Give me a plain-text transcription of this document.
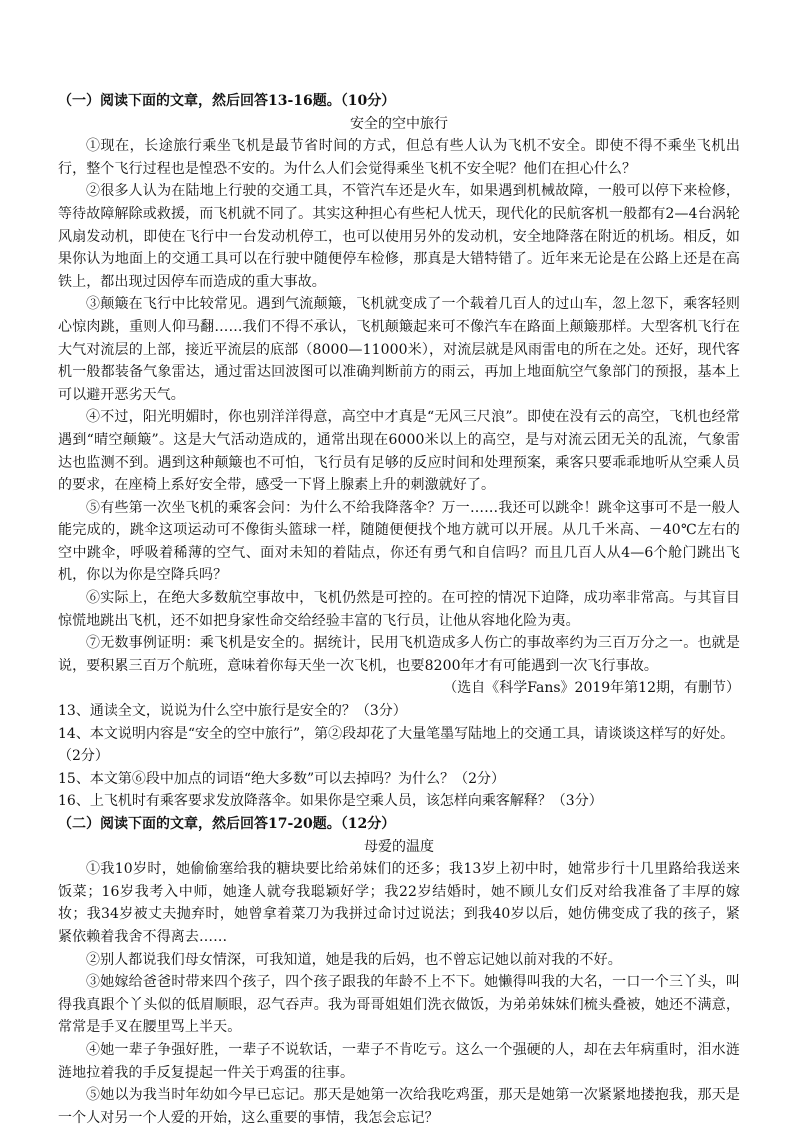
（一）阅读下面的文章，然后回答13-16题。（10分）
安全的空中旅行

①现在，长途旅行乘坐飞机是最节省时间的方式，但总有些人认为飞机不安全。即使不得不乘坐飞机出行，整个飞行过程也是惶恐不安的。为什么人们会觉得乘坐飞机不安全呢？他们在担心什么？

②很多人认为在陆地上行驶的交通工具，不管汽车还是火车，如果遇到机械故障，一般可以停下来检修，等待故障解除或救援，而飞机就不同了。其实这种担心有些杞人忧天，现代化的民航客机一般都有2—4台涡轮风扇发动机，即使在飞行中一台发动机停工，也可以使用另外的发动机，安全地降落在附近的机场。相反，如果你认为地面上的交通工具可以在行驶中随便停车检修，那真是大错特错了。近年来无论是在公路上还是在高铁上，都出现过因停车而造成的重大事故。

③颠簸在飞行中比较常见。遇到气流颠簸，飞机就变成了一个载着几百人的过山车，忽上忽下，乘客轻则心惊肉跳，重则人仰马翻……我们不得不承认，飞机颠簸起来可不像汽车在路面上颠簸那样。大型客机飞行在大气对流层的上部，接近平流层的底部（8000—11000米），对流层就是风雨雷电的所在之处。还好，现代客机一般都装备气象雷达，通过雷达回波图可以准确判断前方的雨云，再加上地面航空气象部门的预报，基本上可以避开恶劣天气。

④不过，阳光明媚时，你也别洋洋得意，高空中才真是“无风三尺浪”。即使在没有云的高空，飞机也经常遇到“晴空颠簸”。这是大气活动造成的，通常出现在6000米以上的高空，是与对流云团无关的乱流，气象雷达也监测不到。遇到这种颠簸也不可怕，飞行员有足够的反应时间和处理预案，乘客只要乖乖地听从空乘人员的要求，在座椅上系好安全带，感受一下肾上腺素上升的刺激就好了。

⑤有些第一次坐飞机的乘客会问：为什么不给我降落伞？万一……我还可以跳伞！跳伞这事可不是一般人能完成的，跳伞这项运动可不像街头篮球一样，随随便便找个地方就可以开展。从几千米高、－40℃左右的空中跳伞，呼吸着稀薄的空气、面对未知的着陆点，你还有勇气和自信吗？而且几百人从4—6个舱门跳出飞机，你以为你是空降兵吗？

⑥实际上，在绝大多数航空事故中，飞机仍然是可控的。在可控的情况下迫降，成功率非常高。与其盲目惊慌地跳出飞机，还不如把身家性命交给经验丰富的飞行员，让他从容地化险为夷。

⑦无数事例证明：乘飞机是安全的。据统计，民用飞机造成多人伤亡的事故率约为三百万分之一。也就是说，要积累三百万个航班，意味着你每天坐一次飞机，也要8200年才有可能遇到一次飞行事故。

（选自《科学Fans》2019年第12期，有删节）

13、通读全文，说说为什么空中旅行是安全的？（3分）

14、本文说明内容是“安全的空中旅行”，第②段却花了大量笔墨写陆地上的交通工具，请谈谈这样写的好处。（2分）

15、本文第⑥段中加点的词语“绝大多数”可以去掉吗？为什么？（2分）

16、上飞机时有乘客要求发放降落伞。如果你是空乘人员，该怎样向乘客解释？（3分）

（二）阅读下面的文章，然后回答17-20题。（12分）
母爱的温度

①我10岁时，她偷偷塞给我的糖块要比给弟妹们的还多；我13岁上初中时，她常步行十几里路给我送来饭菜；16岁我考入中师，她逢人就夸我聪颖好学；我22岁结婚时，她不顾儿女们反对给我准备了丰厚的嫁妆；我34岁被丈夫抛弃时，她曾拿着菜刀为我拼过命讨过说法；到我40岁以后，她仿佛变成了我的孩子，紧紧依赖着我舍不得离去……

②别人都说我们母女情深，可我知道，她是我的后妈，也不曾忘记她以前对我的不好。

③她嫁给爸爸时带来四个孩子，四个孩子跟我的年龄不上不下。她懒得叫我的大名，一口一个三丫头，叫得我真跟个丫头似的低眉顺眼，忍气吞声。我为哥哥姐姐们洗衣做饭，为弟弟妹妹们梳头叠被，她还不满意，常常是手叉在腰里骂上半天。

④她一辈子争强好胜，一辈子不说软话，一辈子不肯吃亏。这么一个强硬的人，却在去年病重时，泪水涟涟地拉着我的手反复提起一件关于鸡蛋的往事。

⑤她以为我当时年幼如今早已忘记。那天是她第一次给我吃鸡蛋，那天是她第一次紧紧地搂抱我，那天是一个人对另一个人爱的开始，这么重要的事情，我怎会忘记？
